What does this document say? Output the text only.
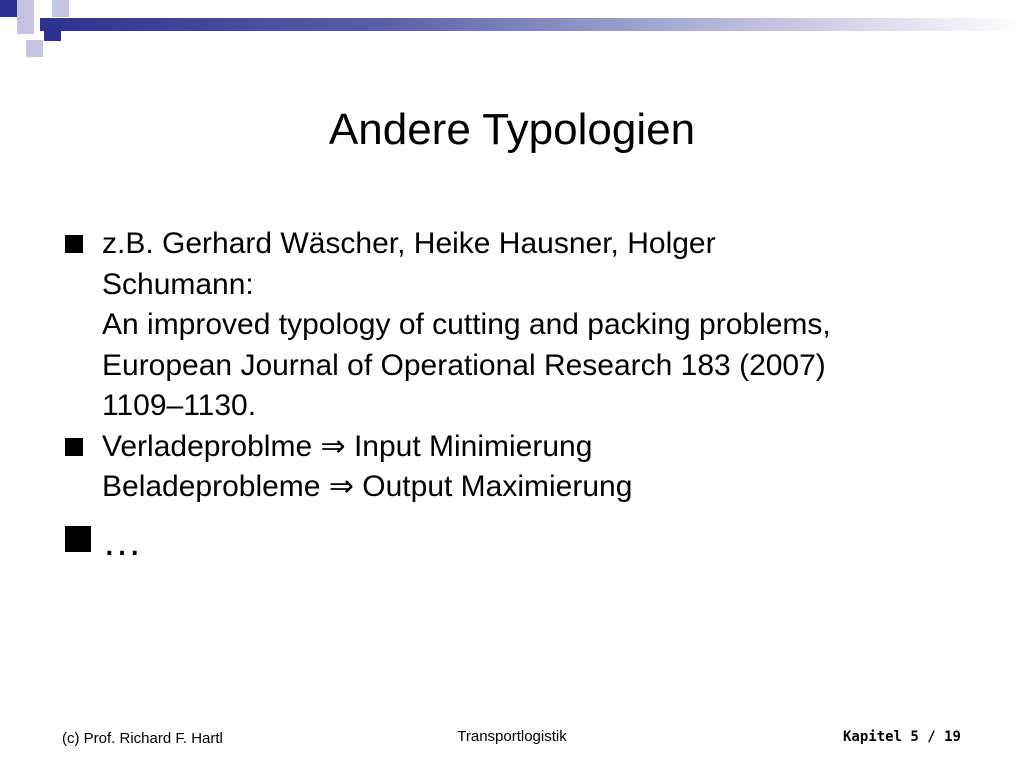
Andere Typologien
z.B. Gerhard Wäscher, Heike Hausner, Holger
Schumann:
An improved typology of cutting and packing problems,
European Journal of Operational Research 183 (2007)
1109–1130.
Verladeproblme ⇒ Input Minimierung
Beladeprobleme ⇒ Output Maximierung
…
(c) Prof. Richard F. Hartl	Transportlogistik	Kapitel 5 / 19
